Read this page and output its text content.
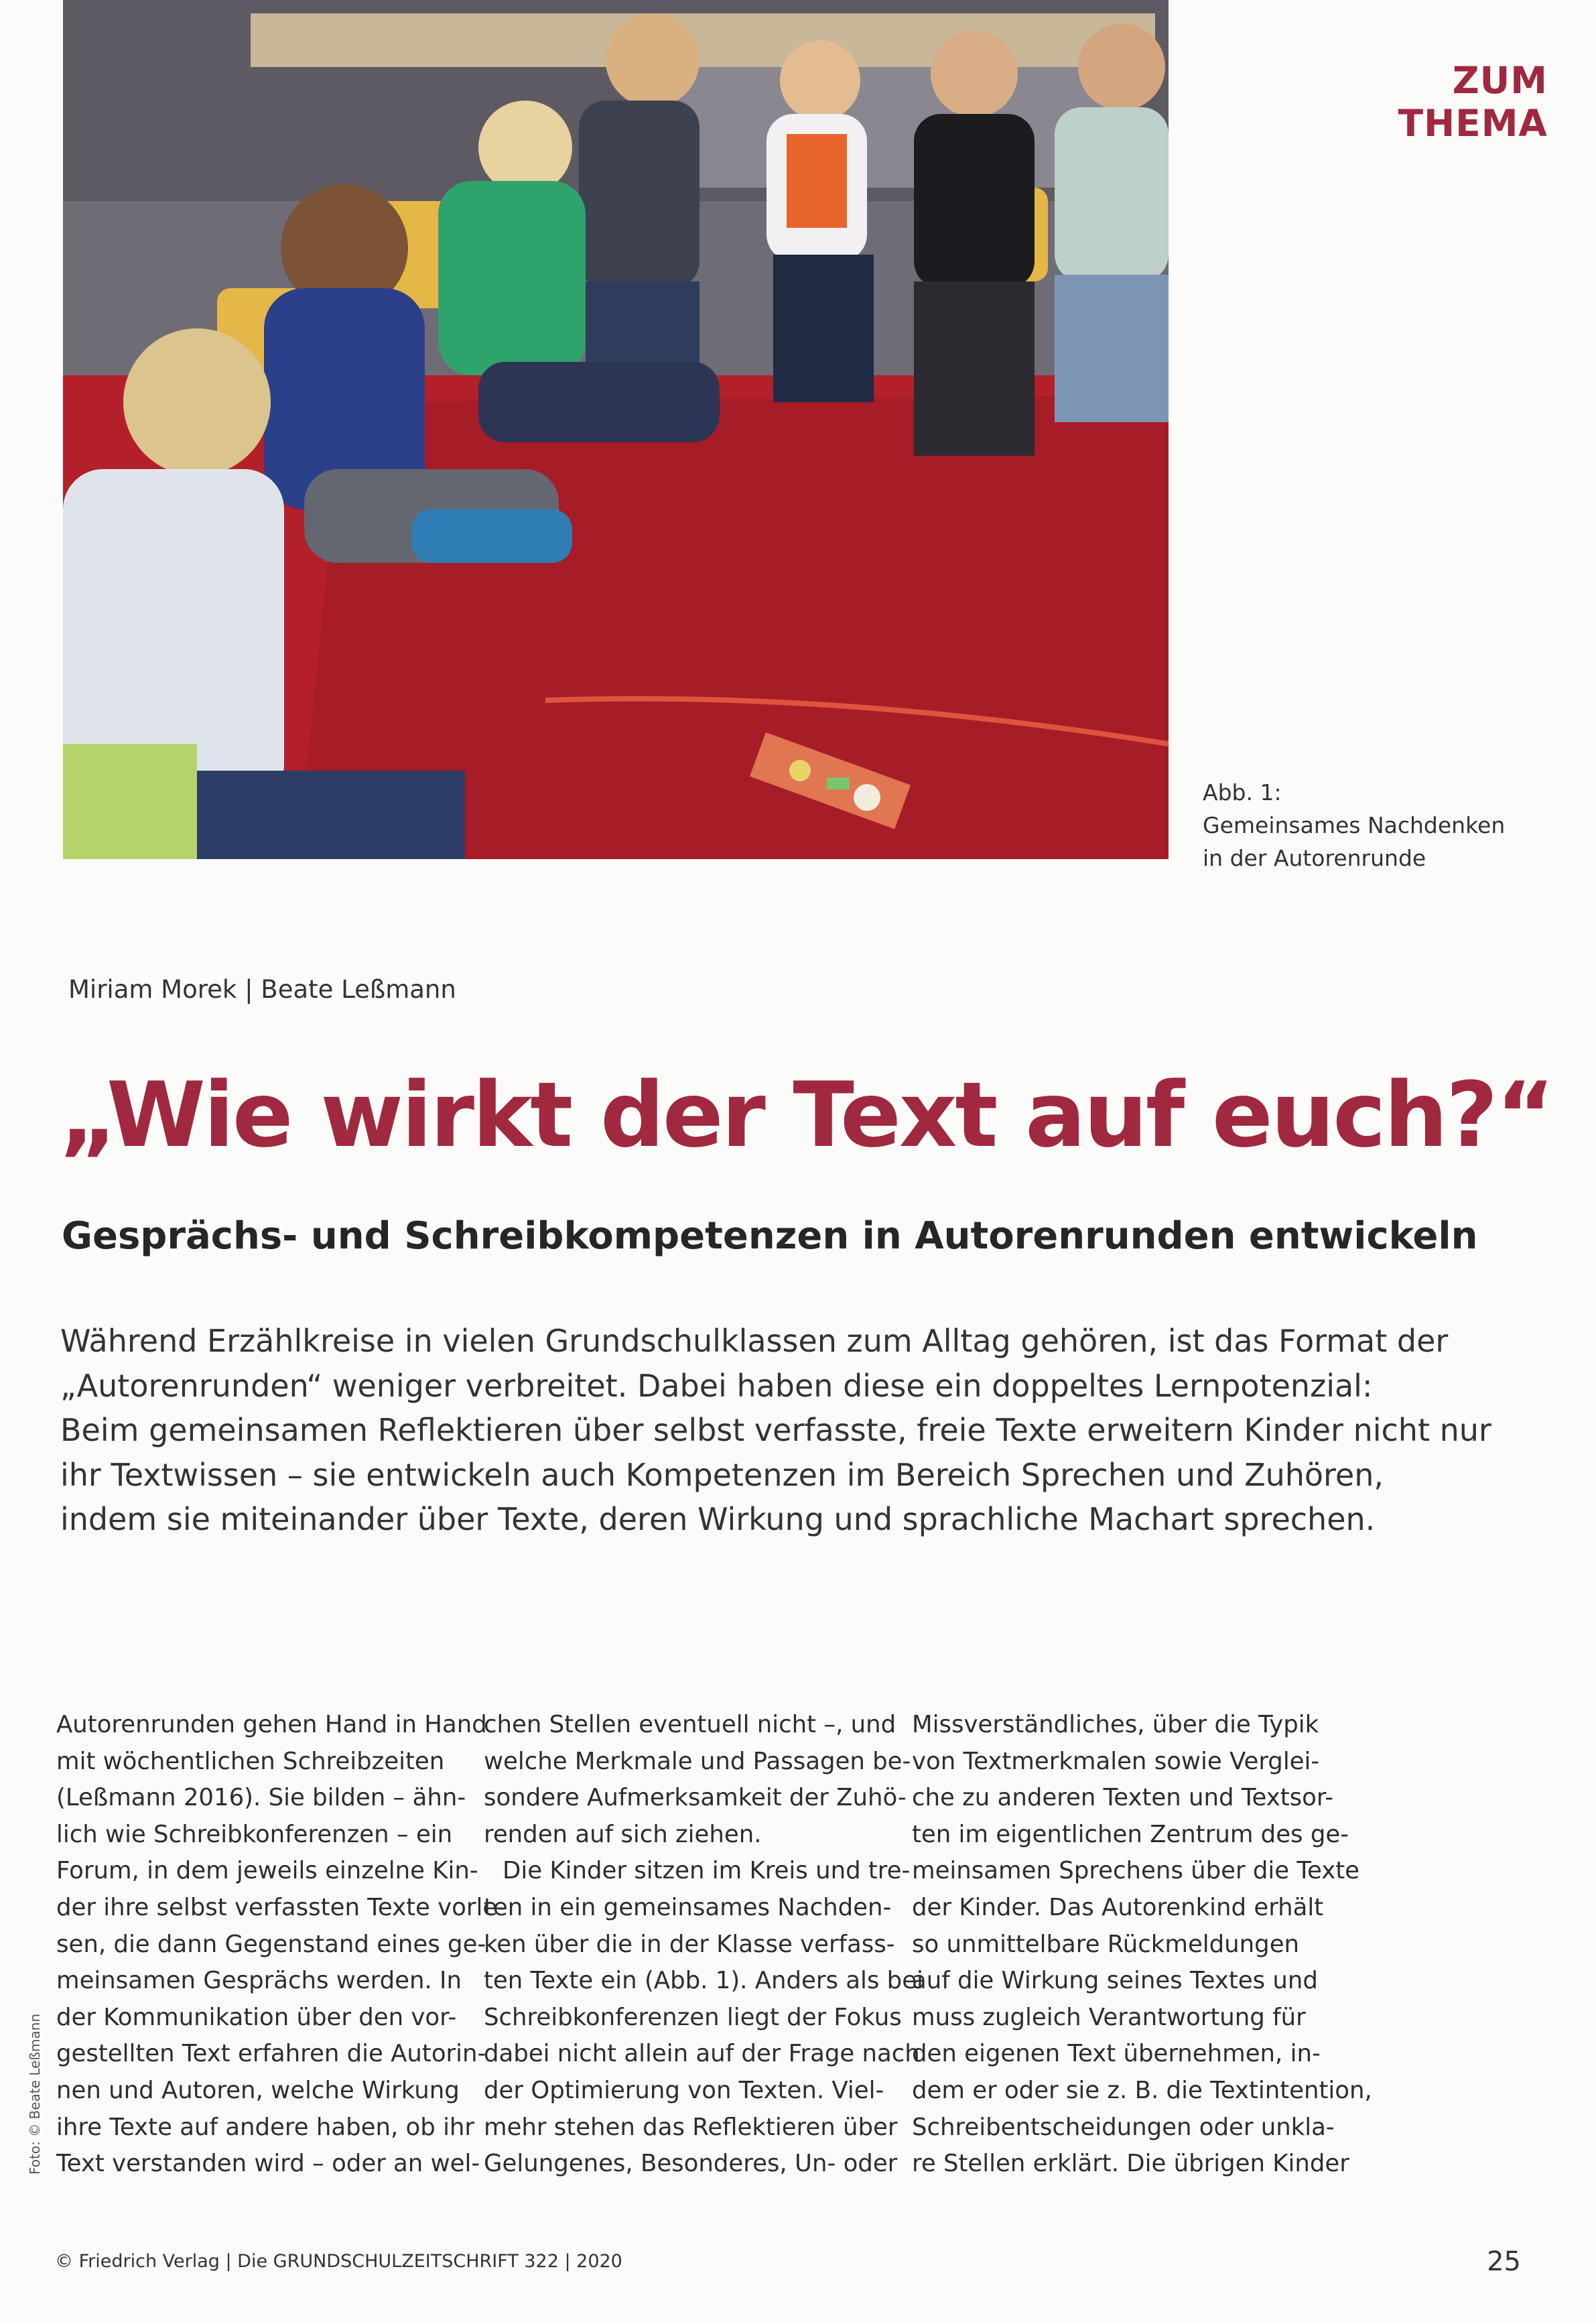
ZUM THEMA
Abb. 1:
Gemeinsames Nachdenken
in der Autorenrunde
Miriam Morek | Beate Leßmann
„Wie wirkt der Text auf euch?“
Gesprächs- und Schreibkompetenzen in Autorenrunden entwickeln
Während Erzählkreise in vielen Grundschulklassen zum Alltag gehören, ist das Format der
„Autorenrunden“ weniger verbreitet. Dabei haben diese ein doppeltes Lernpotenzial:
Beim gemeinsamen Reflektieren über selbst verfasste, freie Texte erweitern Kinder nicht nur
ihr Textwissen – sie entwickeln auch Kompetenzen im Bereich Sprechen und Zuhören,
indem sie miteinander über Texte, deren Wirkung und sprachliche Machart sprechen.
Autorenrunden gehen Hand in Hand
mit wöchentlichen Schreibzeiten
(Leßmann 2016). Sie bilden – ähn-
lich wie Schreibkonferenzen – ein
Forum, in dem jeweils einzelne Kin-
der ihre selbst verfassten Texte vorle-
sen, die dann Gegenstand eines ge-
meinsamen Gesprächs werden. In
der Kommunikation über den vor-
gestellten Text erfahren die Autorin-
nen und Autoren, welche Wirkung
ihre Texte auf andere haben, ob ihr
Text verstanden wird – oder an wel-
chen Stellen eventuell nicht –, und
welche Merkmale und Passagen be-
sondere Aufmerksamkeit der Zuhö-
renden auf sich ziehen.
Die Kinder sitzen im Kreis und tre-
ten in ein gemeinsames Nachden-
ken über die in der Klasse verfass-
ten Texte ein (Abb. 1). Anders als bei
Schreibkonferenzen liegt der Fokus
dabei nicht allein auf der Frage nach
der Optimierung von Texten. Viel-
mehr stehen das Reflektieren über
Gelungenes, Besonderes, Un- oder
Missverständliches, über die Typik
von Textmerkmalen sowie Verglei-
che zu anderen Texten und Textsor-
ten im eigentlichen Zentrum des ge-
meinsamen Sprechens über die Texte
der Kinder. Das Autorenkind erhält
so unmittelbare Rückmeldungen
auf die Wirkung seines Textes und
muss zugleich Verantwortung für
den eigenen Text übernehmen, in-
dem er oder sie z. B. die Textintention,
Schreibentscheidungen oder unkla-
re Stellen erklärt. Die übrigen Kinder
Foto: © Beate Leßmann
© Friedrich Verlag | Die GRUNDSCHULZEITSCHRIFT 322 | 2020	25
